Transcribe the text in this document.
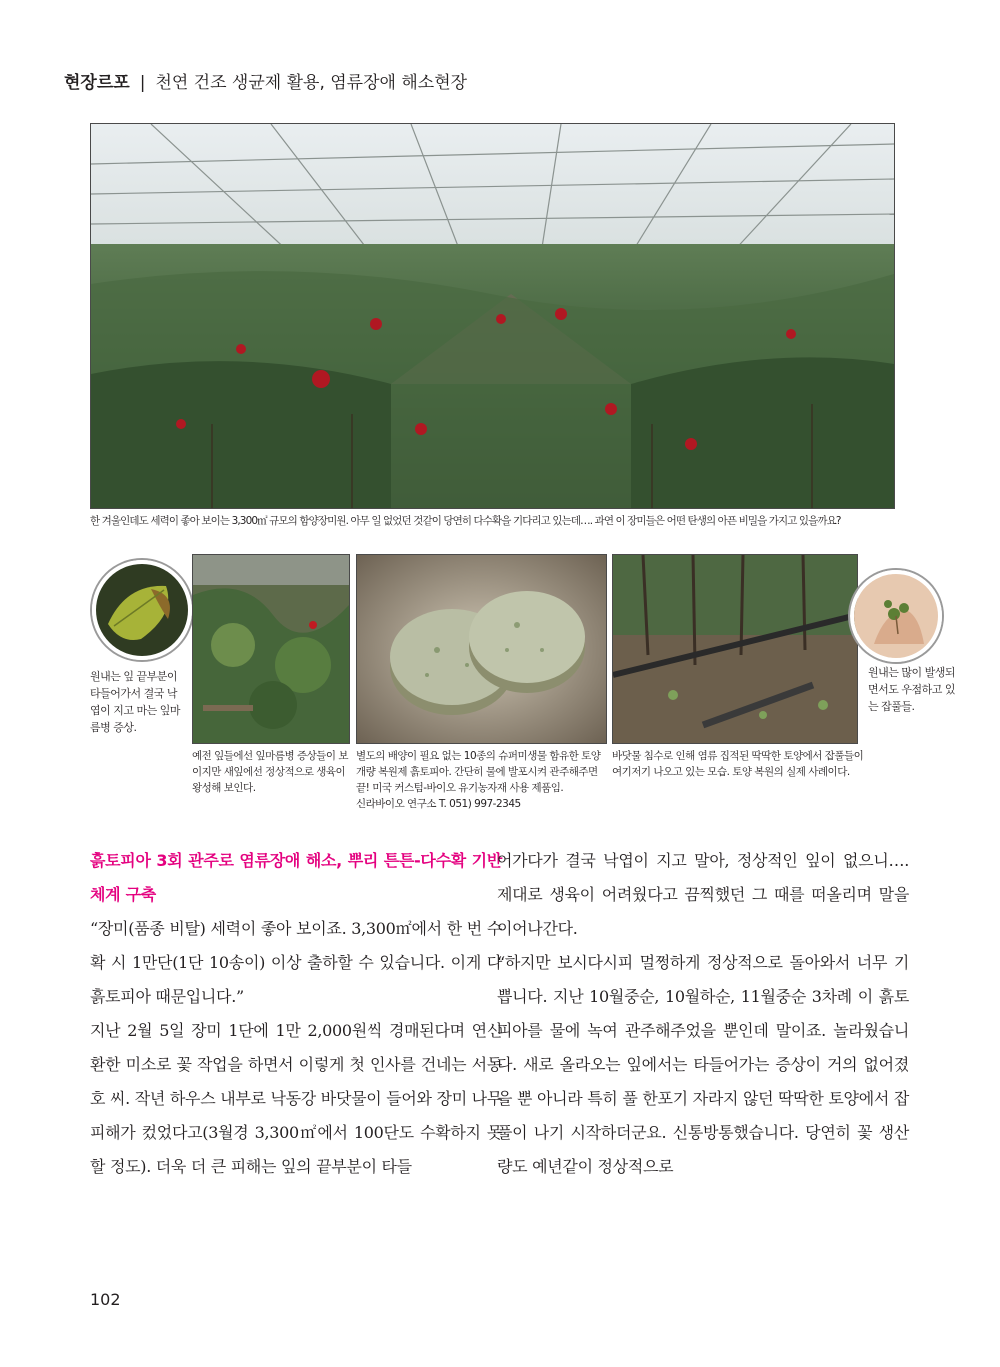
현장르포 | 천연 건조 생균제 활용, 염류장애 해소현장
한 겨울인데도 세력이 좋아 보이는 3,300㎡ 규모의 함양장미원. 아무 일 없었던 것같이 당연히 다수확을 기다리고 있는데…. 과연 이 장미들은 어떤 탄생의 아픈 비밀을 가지고 있을까요?
원내는 잎 끝부분이 타들어가서 결국 낙엽이 지고 마는 잎마름병 증상.
예전 잎들에선 잎마름병 증상들이 보이지만 새잎에선 정상적으로 생육이 왕성해 보인다.
별도의 배양이 필요 없는 10종의 슈퍼미생물 함유한 토양개량 복원제 흙토피아. 간단히 물에 발포시켜 관주해주면 끝! 미국 커스텀-바이오 유기농자재 사용 제품임.
신라바이오 연구소 T. 051) 997-2345
바닷물 침수로 인해 염류 집적된 딱딱한 토양에서 잡풀들이 여기저기 나오고 있는 모습. 토양 복원의 실제 사례이다.
원내는 많이 발생되면서도 우점하고 있는 잡풀들.

흙토피아 3회 관주로 염류장애 해소, 뿌리 튼튼-다수확 기반체계 구축

“장미(품종 비탈) 세력이 좋아 보이죠. 3,300㎡에서 한 번 수확 시 1만단(1단 10송이) 이상 출하할 수 있습니다. 이게 다 흙토피아 때문입니다.”

지난 2월 5일 장미 1단에 1만 2,000원씩 경매된다며 연신 환한 미소로 꽃 작업을 하면서 이렇게 첫 인사를 건네는 서동호 씨. 작년 하우스 내부로 낙동강 바닷물이 들어와 장미 나무 피해가 컸었다고(3월경 3,300㎡에서 100단도 수확하지 못할 정도). 더욱 더 큰 피해는 잎의 끝부분이 타들

어가다가 결국 낙엽이 지고 말아, 정상적인 잎이 없으니…. 제대로 생육이 어려웠다고 끔찍했던 그 때를 떠올리며 말을 이어나간다.

“하지만 보시다시피 멀쩡하게 정상적으로 돌아와서 너무 기쁩니다. 지난 10월중순, 10월하순, 11월중순 3차례 이 흙토피아를 물에 녹여 관주해주었을 뿐인데 말이죠. 놀라웠습니다. 새로 올라오는 잎에서는 타들어가는 증상이 거의 없어졌을 뿐 아니라 특히 풀 한포기 자라지 않던 딱딱한 토양에서 잡풀이 나기 시작하더군요. 신통방통했습니다. 당연히 꽃 생산량도 예년같이 정상적으로

102
